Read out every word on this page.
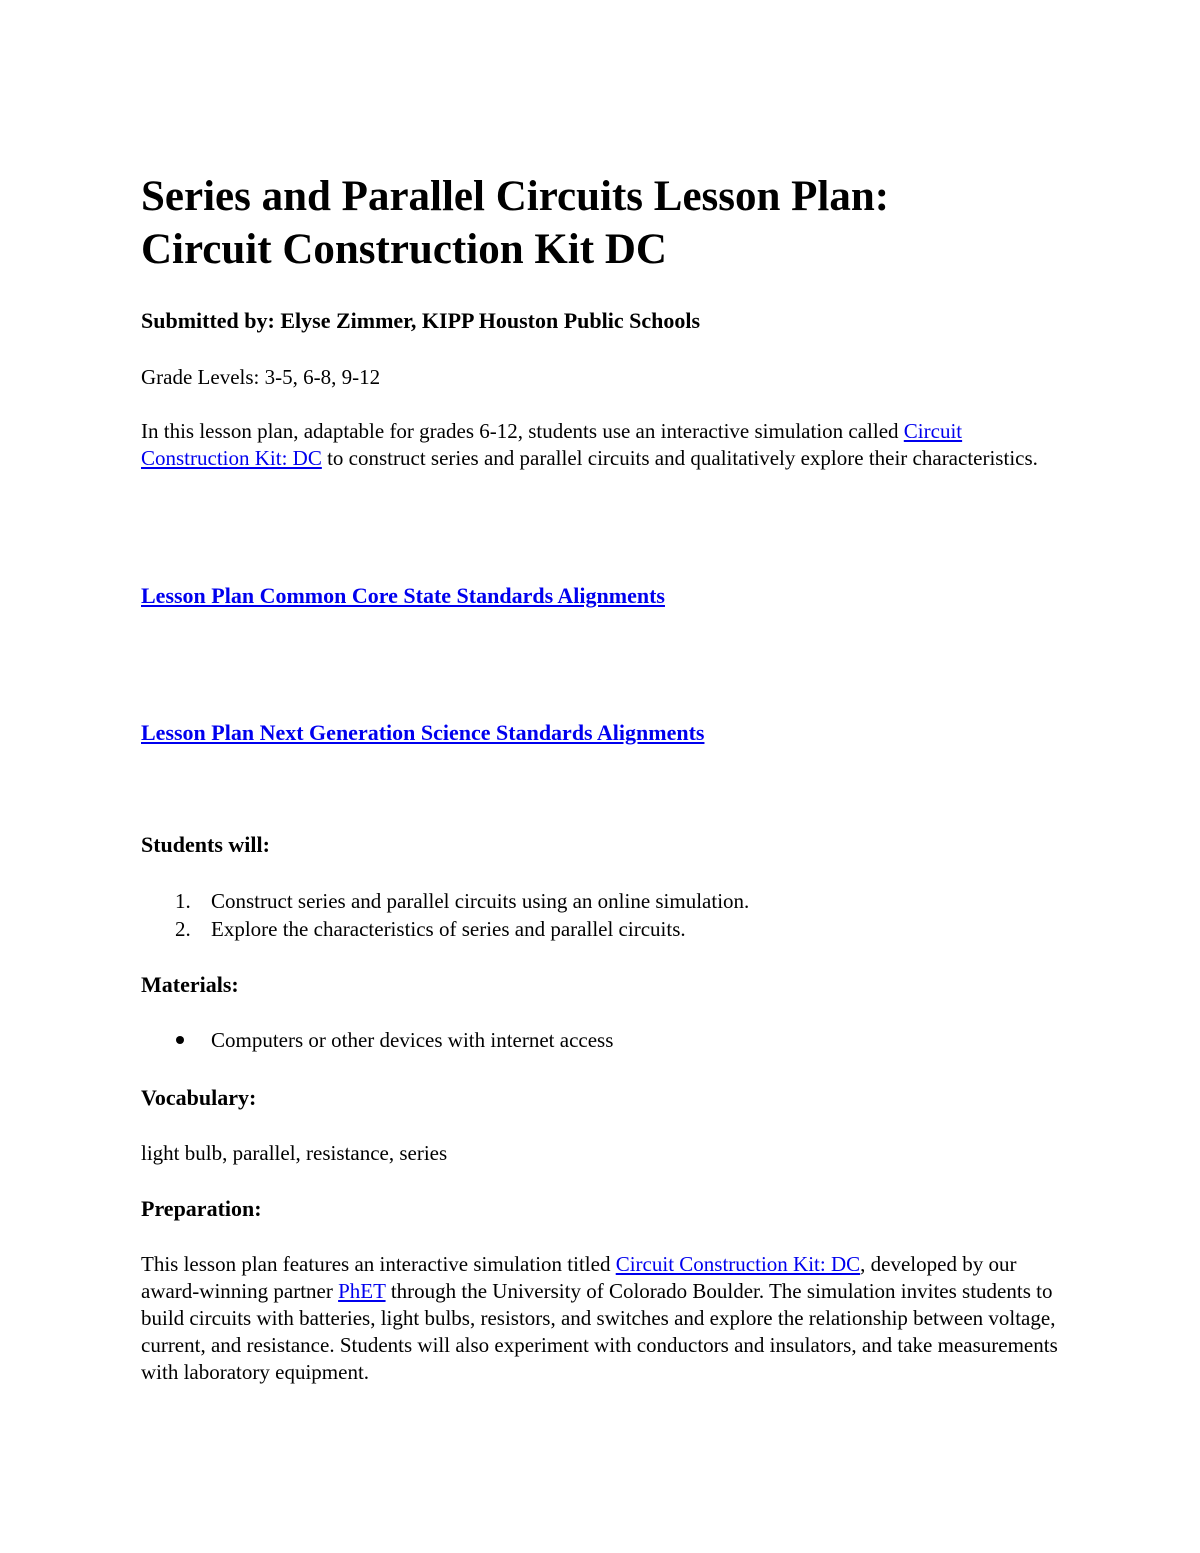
Series and Parallel Circuits Lesson Plan:
Circuit Construction Kit DC

Submitted by: Elyse Zimmer, KIPP Houston Public Schools

Grade Levels: 3-5, 6-8, 9-12

In this lesson plan, adaptable for grades 6-12, students use an interactive simulation called Circuit Construction Kit: DC to construct series and parallel circuits and qualitatively explore their characteristics.

Lesson Plan Common Core State Standards Alignments
Lesson Plan Next Generation Science Standards Alignments

Students will:

1. Construct series and parallel circuits using an online simulation.
2. Explore the characteristics of series and parallel circuits.

Materials:

Computers or other devices with internet access

Vocabulary:

light bulb, parallel, resistance, series

Preparation:

This lesson plan features an interactive simulation titled Circuit Construction Kit: DC, developed by our award-winning partner PhET through the University of Colorado Boulder. The simulation invites students to build circuits with batteries, light bulbs, resistors, and switches and explore the relationship between voltage, current, and resistance. Students will also experiment with conductors and insulators, and take measurements with laboratory equipment.
